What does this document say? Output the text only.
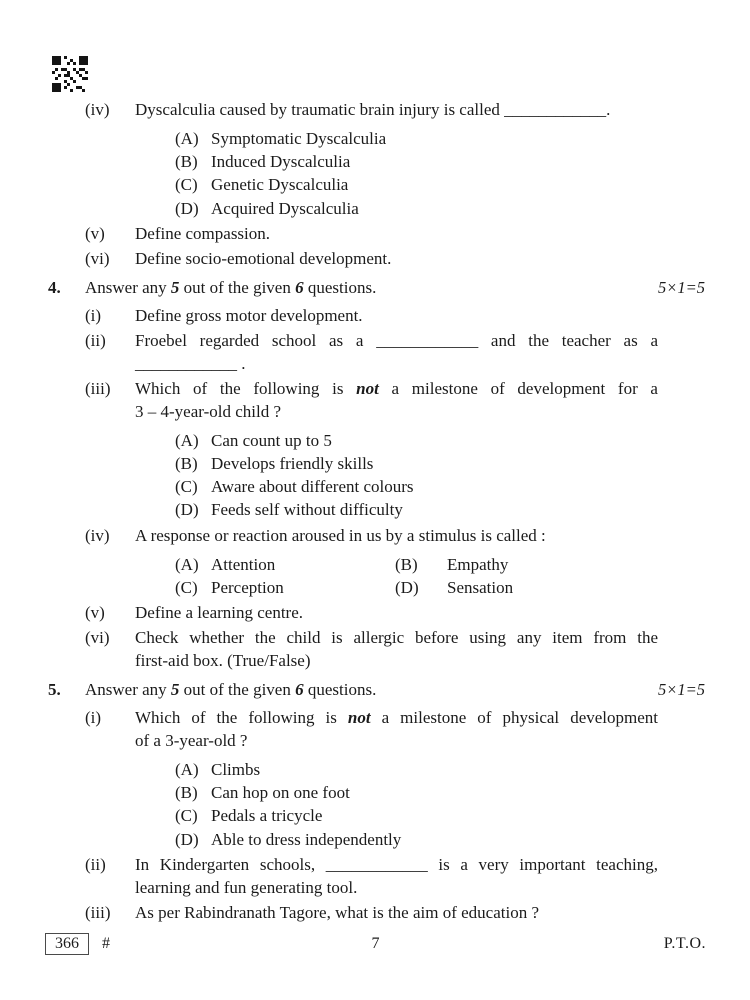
(iv)	Dyscalculia caused by traumatic brain injury is called ____________.
(A) Symptomatic Dyscalculia
(B) Induced Dyscalculia
(C) Genetic Dyscalculia
(D) Acquired Dyscalculia
(v)	Define compassion.
(vi)	Define socio-emotional development.
4.	Answer any 5 out of the given 6 questions.	5×1=5
(i)	Define gross motor development.
(ii)	Froebel regarded school as a ____________ and the teacher as a
____________ .
(iii)	Which of the following is not a milestone of development for a
3 – 4-year-old child ?
(A) Can count up to 5
(B) Develops friendly skills
(C) Aware about different colours
(D) Feeds self without difficulty
(iv)	A response or reaction aroused in us by a stimulus is called :
(A) Attention	(B)	Empathy
(C) Perception	(D)	Sensation
(v)	Define a learning centre.
(vi)	Check whether the child is allergic before using any item from the
first-aid box. (True/False)
5.	Answer any 5 out of the given 6 questions.	5×1=5
(i)	Which of the following is not a milestone of physical development
of a 3-year-old ?
(A) Climbs
(B) Can hop on one foot
(C) Pedals a tricycle
(D) Able to dress independently
(ii)	In Kindergarten schools, ____________ is a very important teaching,
learning and fun generating tool.
(iii)	As per Rabindranath Tagore, what is the aim of education ?
366	#	7	P.T.O.
